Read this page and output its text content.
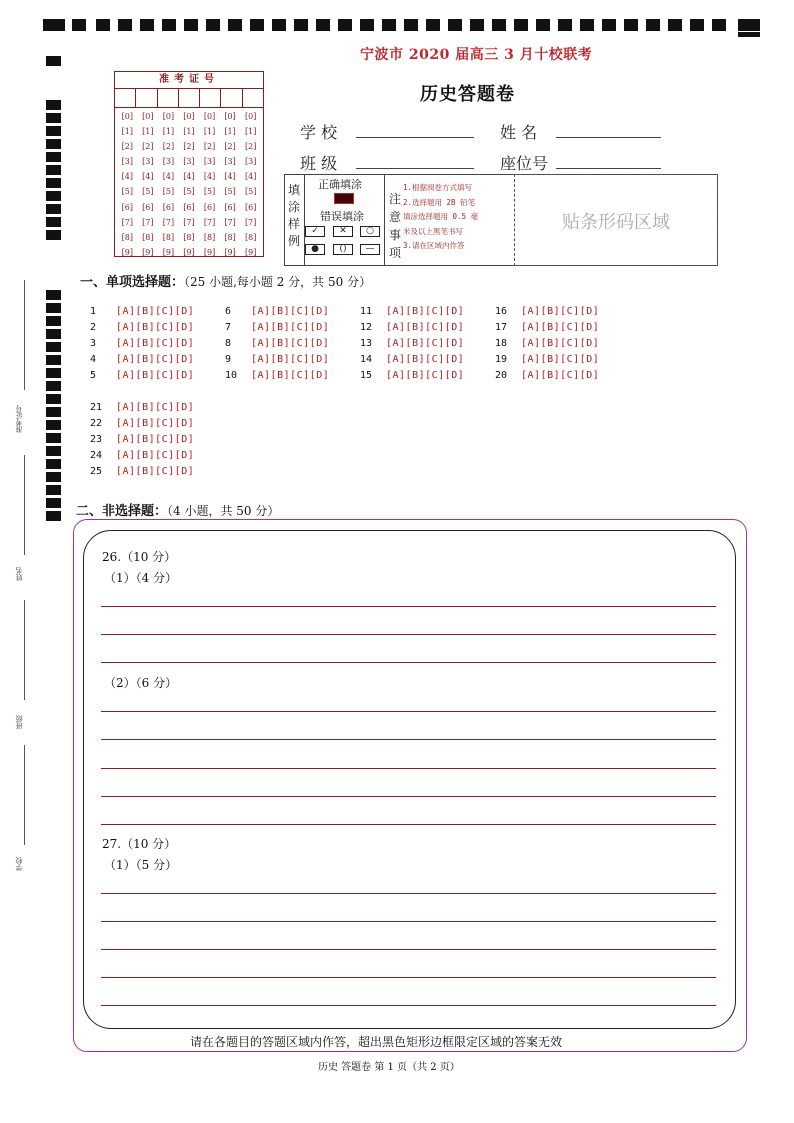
准考证号
姓名
班级
学校
宁波市 2020 届高三 3 月十校联考
历史答题卷
准考证号
[0]	[0]	[0]	[0]	[0]	[0]	[0]
[1]	[1]	[1]	[1]	[1]	[1]	[1]
[2]	[2]	[2]	[2]	[2]	[2]	[2]
[3]	[3]	[3]	[3]	[3]	[3]	[3]
[4]	[4]	[4]	[4]	[4]	[4]	[4]
[5]	[5]	[5]	[5]	[5]	[5]	[5]
[6]	[6]	[6]	[6]	[6]	[6]	[6]
[7]	[7]	[7]	[7]	[7]	[7]	[7]
[8]	[8]	[8]	[8]	[8]	[8]	[8]
[9]	[9]	[9]	[9]	[9]	[9]	[9]
学 校	姓 名
班 级	座位号
填涂样例
正确填涂
错误填涂
✓	✕	○
●	()	—
注意事项
1.根据阅卷方式填写
2.选择题用 2B 铅笔
填涂选择题用 0.5 毫
米及以上黑笔书写
3.请在区域内作答
贴条形码区域
一、单项选择题：（25 小题,每小题 2 分，共 50 分）
1 [A][B][C][D]
2 [A][B][C][D]
3 [A][B][C][D]
4 [A][B][C][D]
5 [A][B][C][D]
6 [A][B][C][D]
7 [A][B][C][D]
8 [A][B][C][D]
9 [A][B][C][D]
10 [A][B][C][D]
11 [A][B][C][D]
12 [A][B][C][D]
13 [A][B][C][D]
14 [A][B][C][D]
15 [A][B][C][D]
16 [A][B][C][D]
17 [A][B][C][D]
18 [A][B][C][D]
19 [A][B][C][D]
20 [A][B][C][D]
21 [A][B][C][D]
22 [A][B][C][D]
23 [A][B][C][D]
24 [A][B][C][D]
25 [A][B][C][D]
二、非选择题：（4 小题，共 50 分）
26.（10 分）
（1）（4 分）
（2）（6 分）
27.（10 分）
（1）（5 分）
请在各题目的答题区域内作答，超出黑色矩形边框限定区域的答案无效
历史 答题卷 第 1 页（共 2 页）
